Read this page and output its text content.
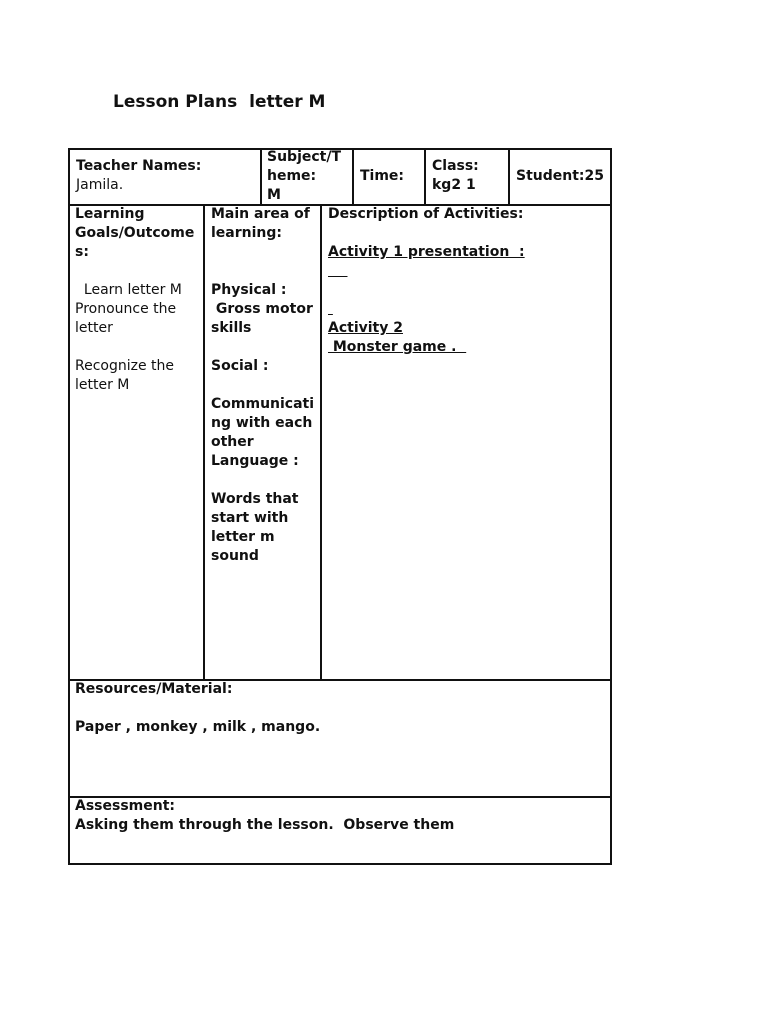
Lesson Plans  letter M
Teacher Names:
Jamila.
Subject/T
heme:
M
Time:
Class:
kg2 1
Student:25
Learning
Goals/Outcome
s:
Learn letter M
Pronounce the
letter
Recognize the
letter M
Main area of
learning:
Physical :
Gross motor
skills
Social :
Communicati
ng with each
other
Language :
Words that
start with
letter m
sound
Description of Activities:
Activity 1 presentation  :

Activity 2
Monster game .
Resources/Material:
Paper , monkey , milk , mango.
Assessment:
Asking them through the lesson.  Observe them
